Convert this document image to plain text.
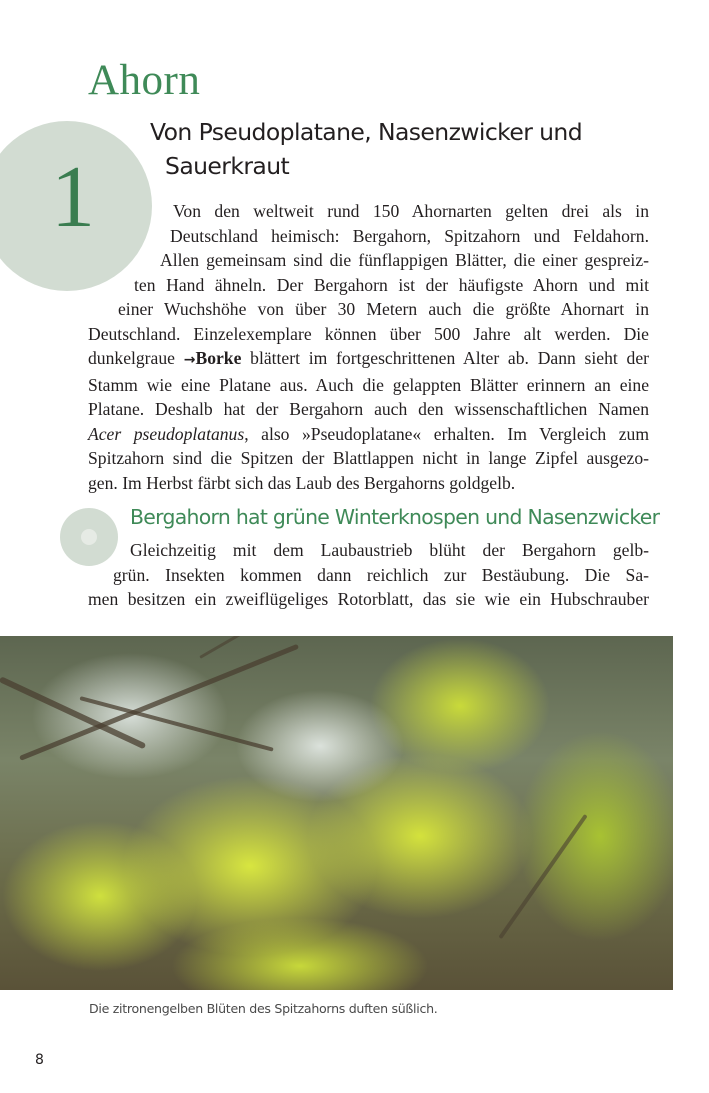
Ahorn
1
Von Pseudoplatane, Nasenzwicker und
Sauerkraut
Von den weltweit rund 150 Ahornarten gelten drei als in
Deutschland heimisch: Bergahorn, Spitzahorn und Feldahorn.
Allen gemeinsam sind die fünflappigen Blätter, die einer gespreiz-
ten Hand ähneln. Der Bergahorn ist der häufigste Ahorn und mit
einer Wuchshöhe von über 30 Metern auch die größte Ahornart in
Deutschland. Einzelexemplare können über 500 Jahre alt werden. Die
dunkelgraue →Borke blättert im fortgeschrittenen Alter ab. Dann sieht der
Stamm wie eine Platane aus. Auch die gelappten Blätter erinnern an eine
Platane. Deshalb hat der Bergahorn auch den wissenschaftlichen Namen
Acer pseudoplatanus, also »Pseudoplatane« erhalten. Im Vergleich zum
Spitzahorn sind die Spitzen der Blattlappen nicht in lange Zipfel ausgezo-
gen. Im Herbst färbt sich das Laub des Bergahorns goldgelb.
Bergahorn hat grüne Winterknospen und Nasenzwicker
Gleichzeitig mit dem Laubaustrieb blüht der Bergahorn gelb-
grün. Insekten kommen dann reichlich zur Bestäubung. Die Sa-
men besitzen ein zweiflügeliges Rotorblatt, das sie wie ein Hubschrauber

Die zitronengelben Blüten des Spitzahorns duften süßlich.

8
